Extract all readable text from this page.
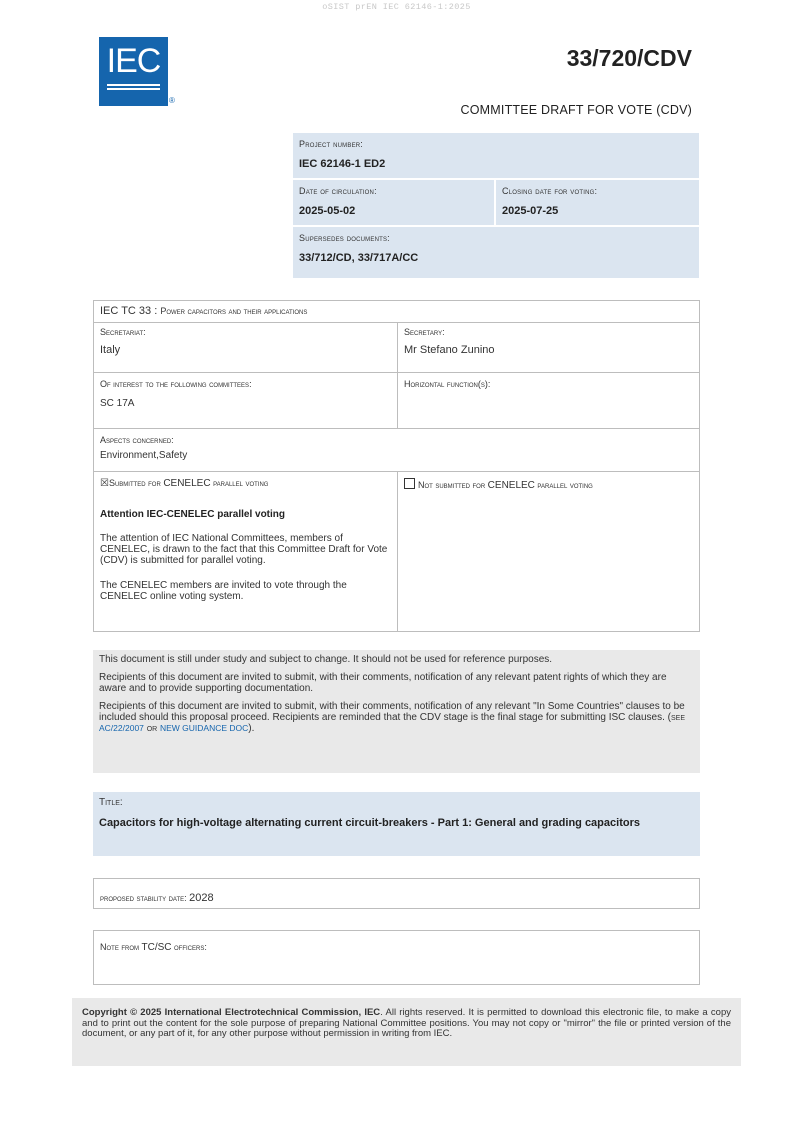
oSIST prEN IEC 62146-1:2025
IEC
®
33/720/CDV
COMMITTEE DRAFT FOR VOTE (CDV)
Project number:
IEC 62146-1 ED2
Date of circulation:
2025-05-02
Closing date for voting:
2025-07-25
Supersedes documents:
33/712/CD, 33/717A/CC
IEC TC 33 : Power capacitors and their applications
Secretariat:
Italy
Secretary:
Mr Stefano Zunino
Of interest to the following committees:
SC 17A
Horizontal function(s):
Aspects concerned:
Environment,Safety
☒Submitted for CENELEC parallel voting
Attention IEC-CENELEC parallel voting
The attention of IEC National Committees, members of CENELEC, is drawn to the fact that this Committee Draft for Vote (CDV) is submitted for parallel voting.
The CENELEC members are invited to vote through the CENELEC online voting system.
Not submitted for CENELEC parallel voting

This document is still under study and subject to change. It should not be used for reference purposes.

Recipients of this document are invited to submit, with their comments, notification of any relevant patent rights of which they are aware and to provide supporting documentation.

Recipients of this document are invited to submit, with their comments, notification of any relevant "In Some Countries" clauses to be included should this proposal proceed. Recipients are reminded that the CDV stage is the final stage for submitting ISC clauses. (see AC/22/2007 or NEW GUIDANCE DOC).

Title:
Capacitors for high-voltage alternating current circuit-breakers - Part 1: General and grading capacitors
proposed stability date: 2028
Note from TC/SC officers:
Copyright © 2025 International Electrotechnical Commission, IEC. All rights reserved. It is permitted to download this electronic file, to make a copy and to print out the content for the sole purpose of preparing National Committee positions. You may not copy or "mirror" the file or printed version of the document, or any part of it, for any other purpose without permission in writing from IEC.
